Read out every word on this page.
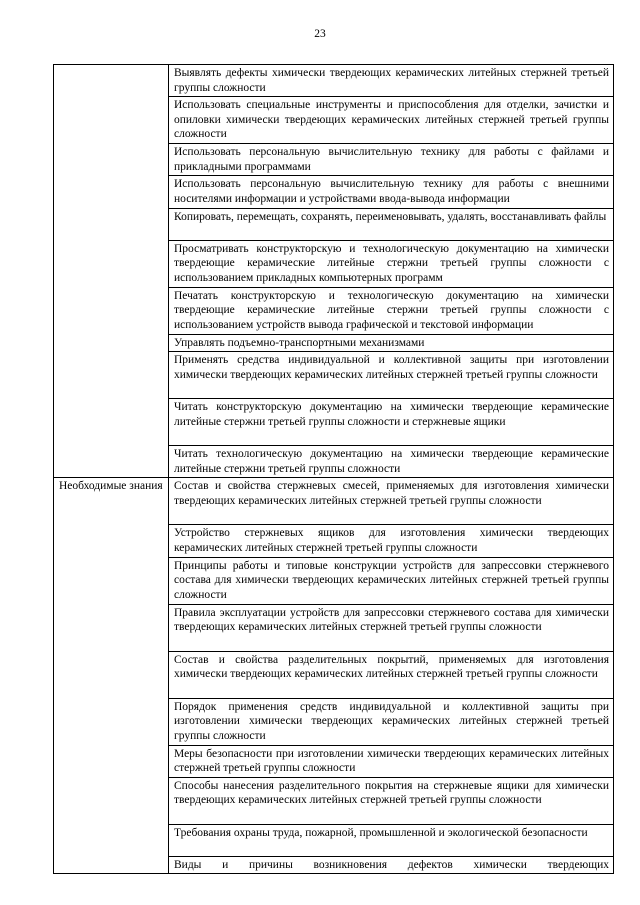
23

	Выявлять дефекты химически твердеющих керамических литейных стержней третьей группы сложности

	Использовать специальные инструменты и приспособления для отделки, зачистки и опиловки химически твердеющих керамических литейных стержней третьей группы сложности

	Использовать персональную вычислительную технику для работы с файлами и прикладными программами

	Использовать персональную вычислительную технику для работы с внешними носителями информации и устройствами ввода-вывода информации

	Копировать, перемещать, сохранять, переименовывать, удалять, восстанавливать файлы

	Просматривать конструкторскую и технологическую документацию на химически твердеющие керамические литейные стержни третьей группы сложности с использованием прикладных компьютерных программ

	Печатать конструкторскую и технологическую документацию на химически твердеющие керамические литейные стержни третьей группы сложности с использованием устройств вывода графической и текстовой информации

	Управлять подъемно-транспортными механизмами

	Применять средства индивидуальной и коллективной защиты при изготовлении химически твердеющих керамических литейных стержней третьей группы сложности

	Читать конструкторскую документацию на химически твердеющие керамические литейные стержни третьей группы сложности и стержневые ящики

	Читать технологическую документацию на химически твердеющие керамические литейные стержни третьей группы сложности

Необходимые знания	Состав и свойства стержневых смесей, применяемых для изготовления химически твердеющих керамических литейных стержней третьей группы сложности

	Устройство стержневых ящиков для изготовления химически твердеющих керамических литейных стержней третьей группы сложности

	Принципы работы и типовые конструкции устройств для запрессовки стержневого состава для химически твердеющих керамических литейных стержней третьей группы сложности

	Правила эксплуатации устройств для запрессовки стержневого состава для химически твердеющих керамических литейных стержней третьей группы сложности

	Состав и свойства разделительных покрытий, применяемых для изготовления химически твердеющих керамических литейных стержней третьей группы сложности

	Порядок применения средств индивидуальной и коллективной защиты при изготовлении химически твердеющих керамических литейных стержней третьей группы сложности

	Меры безопасности при изготовлении химически твердеющих керамических литейных стержней третьей группы сложности

	Способы нанесения разделительного покрытия на стержневые ящики для химически твердеющих керамических литейных стержней третьей группы сложности

	Требования охраны труда, пожарной, промышленной и экологической безопасности

	Виды и причины возникновения дефектов химически твердеющих
